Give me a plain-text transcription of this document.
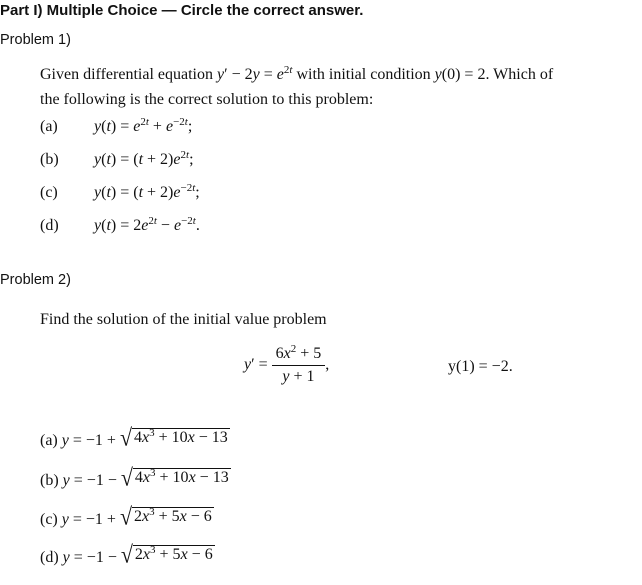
Part I) Multiple Choice — Circle the correct answer.
Problem 1)
Given differential equation $y' - 2y = e^{2t}$ with initial condition y(0) = 2. Which of
the following is the correct solution to this problem:
(a) $y(t) = e^{2t} + e^{-2t}$;
(b) $y(t) = (t + 2)e^{2t}$;
(c) $y(t) = (t + 2)e^{-2t}$;
(d) $y(t) = 2e^{2t} - e^{-2t}$.
Problem 2)
Find the solution of the initial value problem
$y' = \frac{6x^2 + 5}{y + 1}$ ,	y(1) = −2.
(a) y = −1 + √ $4x^3 + 10x - 13$
(b) y = −1 − √ $4x^3 + 10x - 13$
(c) y = −1 + √ $2x^3 + 5x - 6$
(d) y = −1 − √ $2x^3 + 5x - 6$
